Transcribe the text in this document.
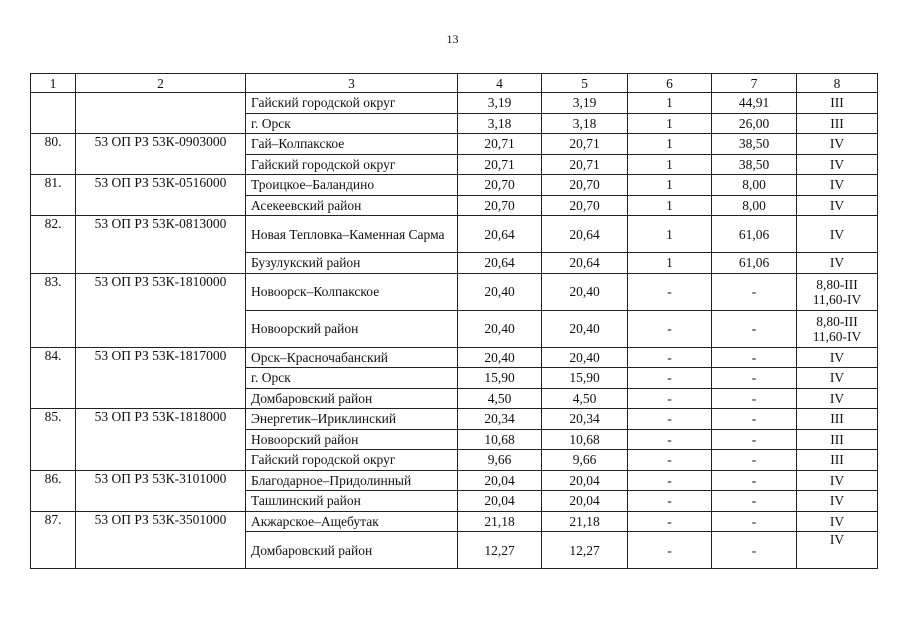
13
1	2	3	4	5	6	7	8
		Гайский городской округ	3,19	3,19	1	44,91	III
		г. Орск	3,18	3,18	1	26,00	III
80.	53 ОП РЗ 53К-0903000	Гай–Колпакское	20,71	20,71	1	38,50	IV
		Гайский городской округ	20,71	20,71	1	38,50	IV
81.	53 ОП РЗ 53К-0516000	Троицкое–Баландино	20,70	20,70	1	8,00	IV
		Асекеевский район	20,70	20,70	1	8,00	IV
82.	53 ОП РЗ 53К-0813000	Новая Тепловка–Каменная Сарма	20,64	20,64	1	61,06	IV
		Бузулукский район	20,64	20,64	1	61,06	IV
83.	53 ОП РЗ 53К-1810000	Новоорск–Колпакское	20,40	20,40	-	-	8,80-III
11,60-IV
		Новоорский район	20,40	20,40	-	-	8,80-III
11,60-IV
84.	53 ОП РЗ 53К-1817000	Орск–Красночабанский	20,40	20,40	-	-	IV
		г. Орск	15,90	15,90	-	-	IV
		Домбаровский район	4,50	4,50	-	-	IV
85.	53 ОП РЗ 53К-1818000	Энергетик–Ириклинский	20,34	20,34	-	-	III
		Новоорский район	10,68	10,68	-	-	III
		Гайский городской округ	9,66	9,66	-	-	III
86.	53 ОП РЗ 53К-3101000	Благодарное–Придолинный	20,04	20,04	-	-	IV
		Ташлинский район	20,04	20,04	-	-	IV
87.	53 ОП РЗ 53К-3501000	Акжарское–Ащебутак	21,18	21,18	-	-	IV
		Домбаровский район	12,27	12,27	-	-	IV
